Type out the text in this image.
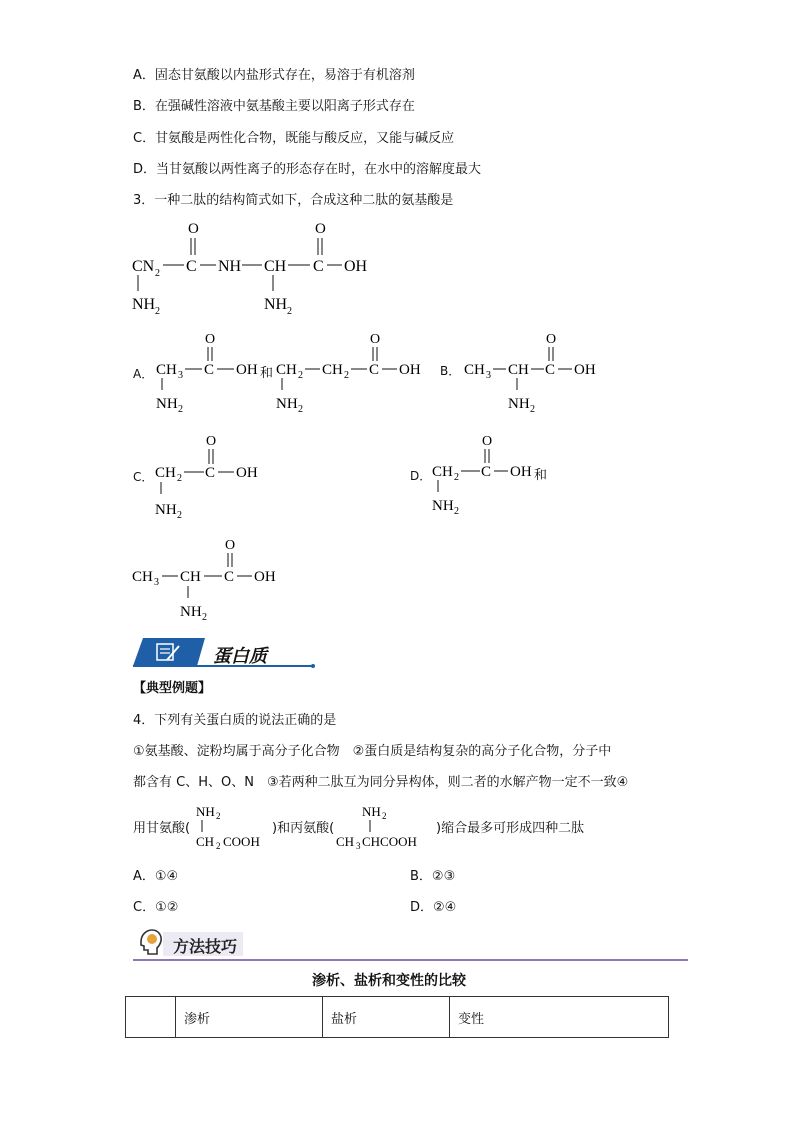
A．固态甘氨酸以内盐形式存在，易溶于有机溶剂
B．在强碱性溶液中氨基酸主要以阳离子形式存在
C．甘氨酸是两性化合物，既能与酸反应，又能与碱反应
D．当甘氨酸以两性离子的形态存在时，在水中的溶解度最大
3．一种二肽的结构简式如下，合成这种二肽的氨基酸是
O	O
CN 2 C NH CH C OH
NH 2	NH 2
A．
O
CH 3 C OH
NH 2
O
CH 2 CH 2 C OH
NH 2
和	B．
O
CH 3 CH C OH
NH 2
C．
O
CH 2 C OH
NH 2
D．
O
CH 2 C OH
NH 2
和
O
CH 3 CH C OH
NH 2
蛋白质
【典型例题】
4．下列有关蛋白质的说法正确的是
①氨基酸、淀粉均属于高分子化合物　②蛋白质是结构复杂的高分子化合物，分子中
都含有 C、H、O、N　③若两种二肽互为同分异构体，则二者的水解产物一定不一致④
用甘氨酸(
NH 2
CH 2 COOH
)和丙氨酸(
NH 2
CH 3 CHCOOH
)缩合最多可形成四种二肽
A．①④	B．②③
C．①②	D．②④
方法技巧
渗析、盐析和变性的比较
	渗析	盐析	变性
